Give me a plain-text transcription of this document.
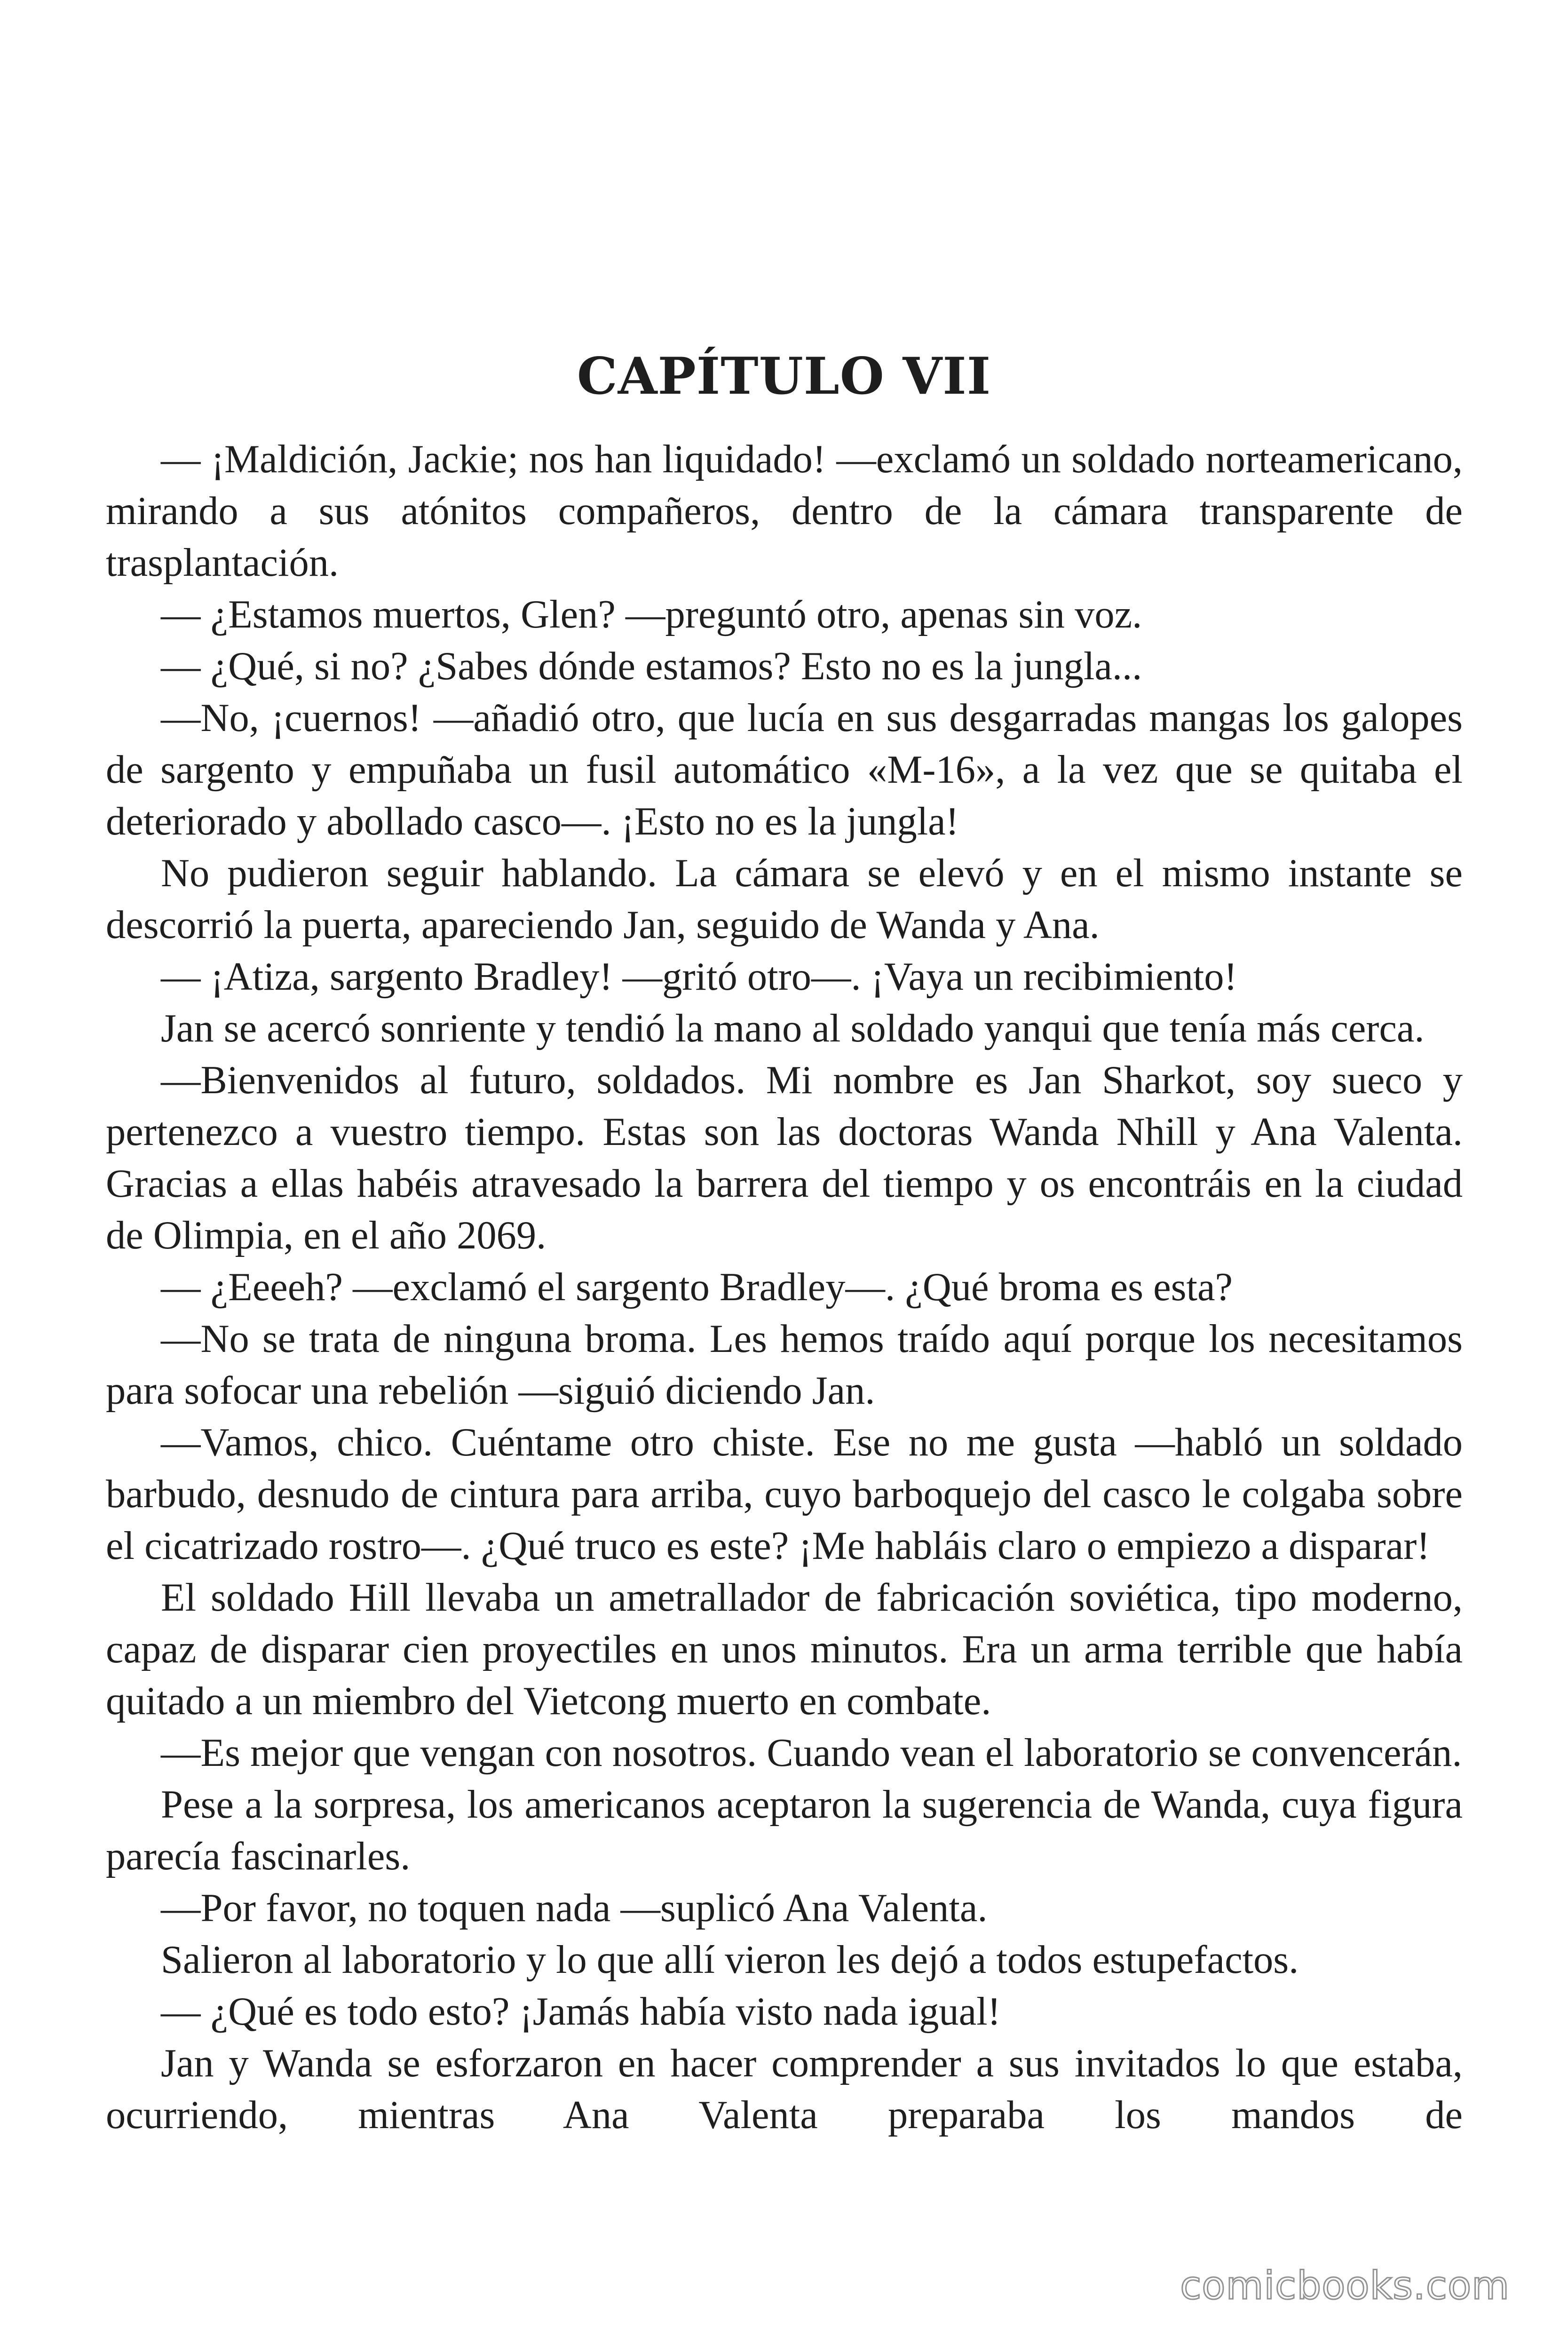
CAPÍTULO VII

— ¡Maldición, Jackie; nos han liquidado! —exclamó un soldado norteamericano, mirando a sus atónitos compañeros, dentro de la cámara transparente de trasplantación.

— ¿Estamos muertos, Glen? —preguntó otro, apenas sin voz.

— ¿Qué, si no? ¿Sabes dónde estamos? Esto no es la jungla...

—No, ¡cuernos! —añadió otro, que lucía en sus desgarradas mangas los galopes de sargento y empuñaba un fusil automático «M-16», a la vez que se quitaba el deteriorado y abollado casco—. ¡Esto no es la jungla!

No pudieron seguir hablando. La cámara se elevó y en el mismo instante se descorrió la puerta, apareciendo Jan, seguido de Wanda y Ana.

— ¡Atiza, sargento Bradley! —gritó otro—. ¡Vaya un recibimiento!

Jan se acercó sonriente y tendió la mano al soldado yanqui que tenía más cerca.

—Bienvenidos al futuro, soldados. Mi nombre es Jan Sharkot, soy sueco y pertenezco a vuestro tiempo. Estas son las doctoras Wanda Nhill y Ana Valenta. Gracias a ellas habéis atravesado la barrera del tiempo y os encontráis en la ciudad de Olimpia, en el año 2069.

— ¿Eeeeh? —exclamó el sargento Bradley—. ¿Qué broma es esta?

—No se trata de ninguna broma. Les hemos traído aquí porque los necesitamos para sofocar una rebelión —siguió diciendo Jan.

—Vamos, chico. Cuéntame otro chiste. Ese no me gusta —habló un soldado barbudo, desnudo de cintura para arriba, cuyo barboquejo del casco le colgaba sobre el cicatrizado rostro—. ¿Qué truco es este? ¡Me habláis claro o empiezo a disparar!

El soldado Hill llevaba un ametrallador de fabricación soviética, tipo moderno, capaz de disparar cien proyectiles en unos minutos. Era un arma terrible que había quitado a un miembro del Vietcong muerto en combate.

—Es mejor que vengan con nosotros. Cuando vean el laboratorio se convencerán.

Pese a la sorpresa, los americanos aceptaron la sugerencia de Wanda, cuya figura parecía fascinarles.

—Por favor, no toquen nada —suplicó Ana Valenta.

Salieron al laboratorio y lo que allí vieron les dejó a todos estupefactos.

— ¿Qué es todo esto? ¡Jamás había visto nada igual!

Jan y Wanda se esforzaron en hacer comprender a sus invitados lo que estaba, ocurriendo, mientras Ana Valenta preparaba los mandos de

comicbooks.com
